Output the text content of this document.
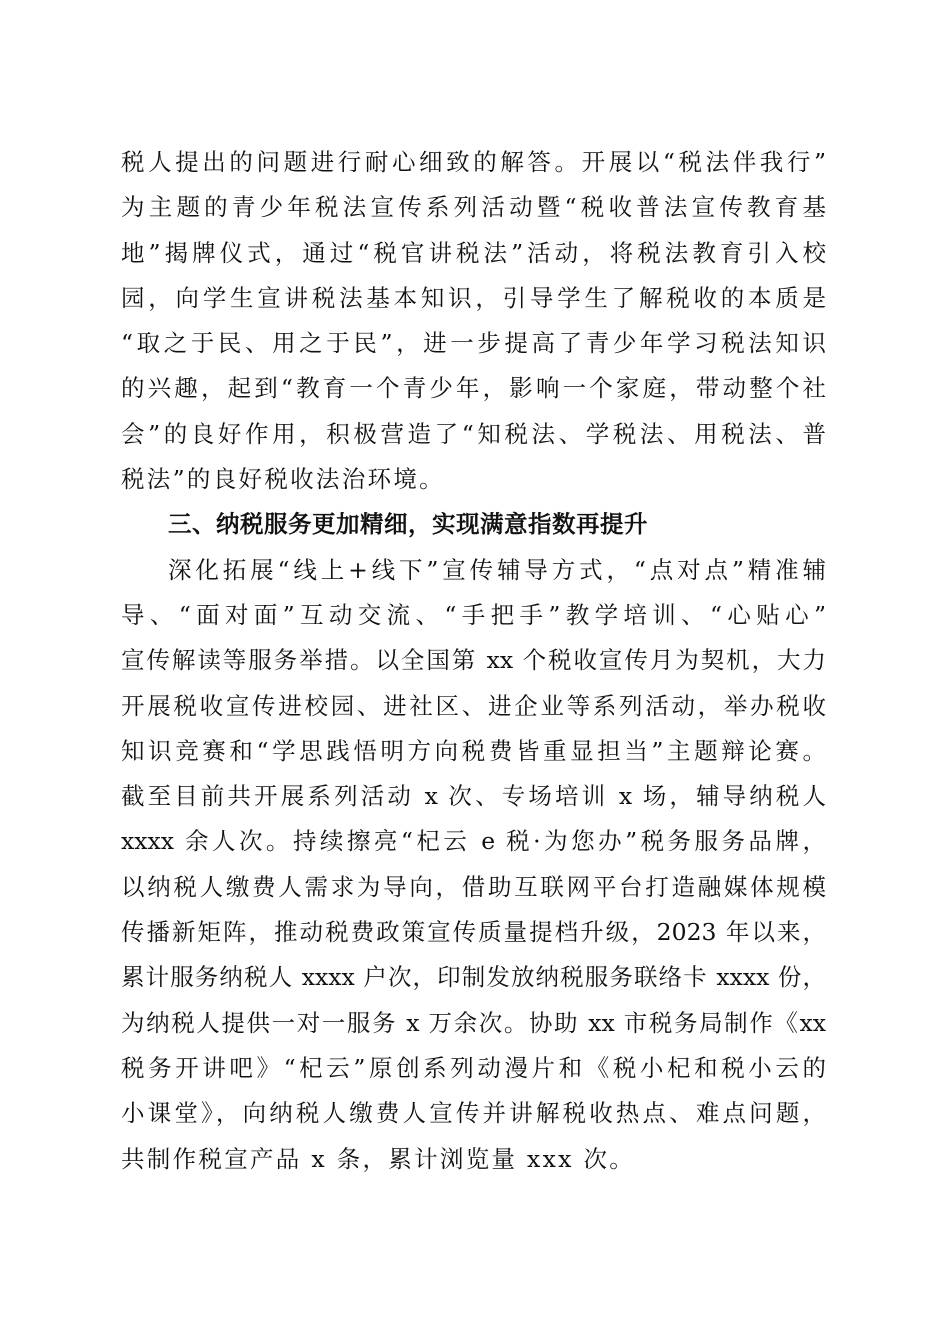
税人提出的问题进行耐心细致的解答。开展以“税法伴我行”
为主题的青少年税法宣传系列活动暨“税收普法宣传教育基
地”揭牌仪式，通过“税官讲税法”活动，将税法教育引入校
园，向学生宣讲税法基本知识，引导学生了解税收的本质是
“取之于民、用之于民”，进一步提高了青少年学习税法知识
的兴趣，起到“教育一个青少年，影响一个家庭，带动整个社
会”的良好作用，积极营造了“知税法、学税法、用税法、普
税法”的良好税收法治环境。
三、纳税服务更加精细，实现满意指数再提升
深化拓展“线上+线下”宣传辅导方式，“点对点”精准辅
导、“面对面”互动交流、“手把手”教学培训、“心贴心”
宣传解读等服务举措。以全国第 xx 个税收宣传月为契机，大力
开展税收宣传进校园、进社区、进企业等系列活动，举办税收
知识竞赛和“学思践悟明方向税费皆重显担当”主题辩论赛。
截至目前共开展系列活动 x 次、专场培训 x 场，辅导纳税人
xxxx 余人次。持续擦亮“杞云 e 税·为您办”税务服务品牌，
以纳税人缴费人需求为导向，借助互联网平台打造融媒体规模
传播新矩阵，推动税费政策宣传质量提档升级，2023 年以来，
累计服务纳税人 xxxx 户次，印制发放纳税服务联络卡 xxxx 份，
为纳税人提供一对一服务 x 万余次。协助 xx 市税务局制作《xx
税务开讲吧》“杞云”原创系列动漫片和《税小杞和税小云的
小课堂》，向纳税人缴费人宣传并讲解税收热点、难点问题，
共制作税宣产品 x 条，累计浏览量 xxx 次。
